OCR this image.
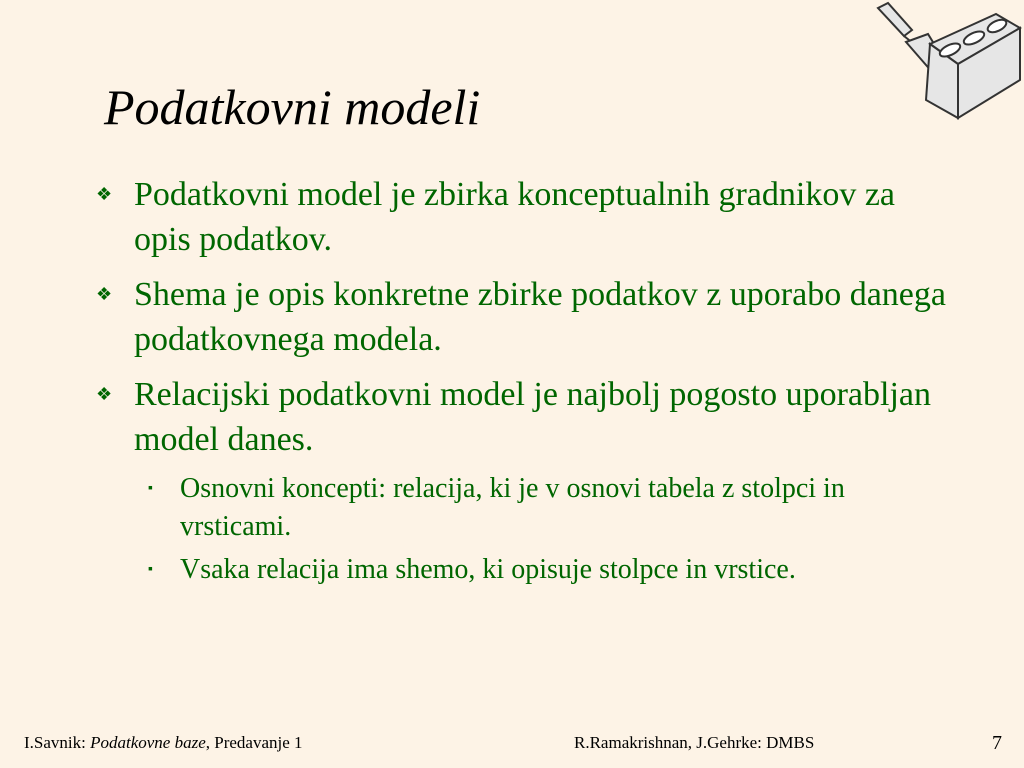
Podatkovni modeli
❖ Podatkovni model je zbirka konceptualnih gradnikov za opis podatkov.
❖ Shema je opis konkretne zbirke podatkov z uporabo danega podatkovnega modela.
❖ Relacijski podatkovni model je najbolj pogosto uporabljan model danes.
▪ Osnovni koncepti: relacija, ki je v osnovi tabela z stolpci in vrsticami.
▪ Vsaka relacija ima shemo, ki opisuje stolpce in vrstice.
I.Savnik: Podatkovne baze, Predavanje 1	R.Ramakrishnan, J.Gehrke: DMBS	7
